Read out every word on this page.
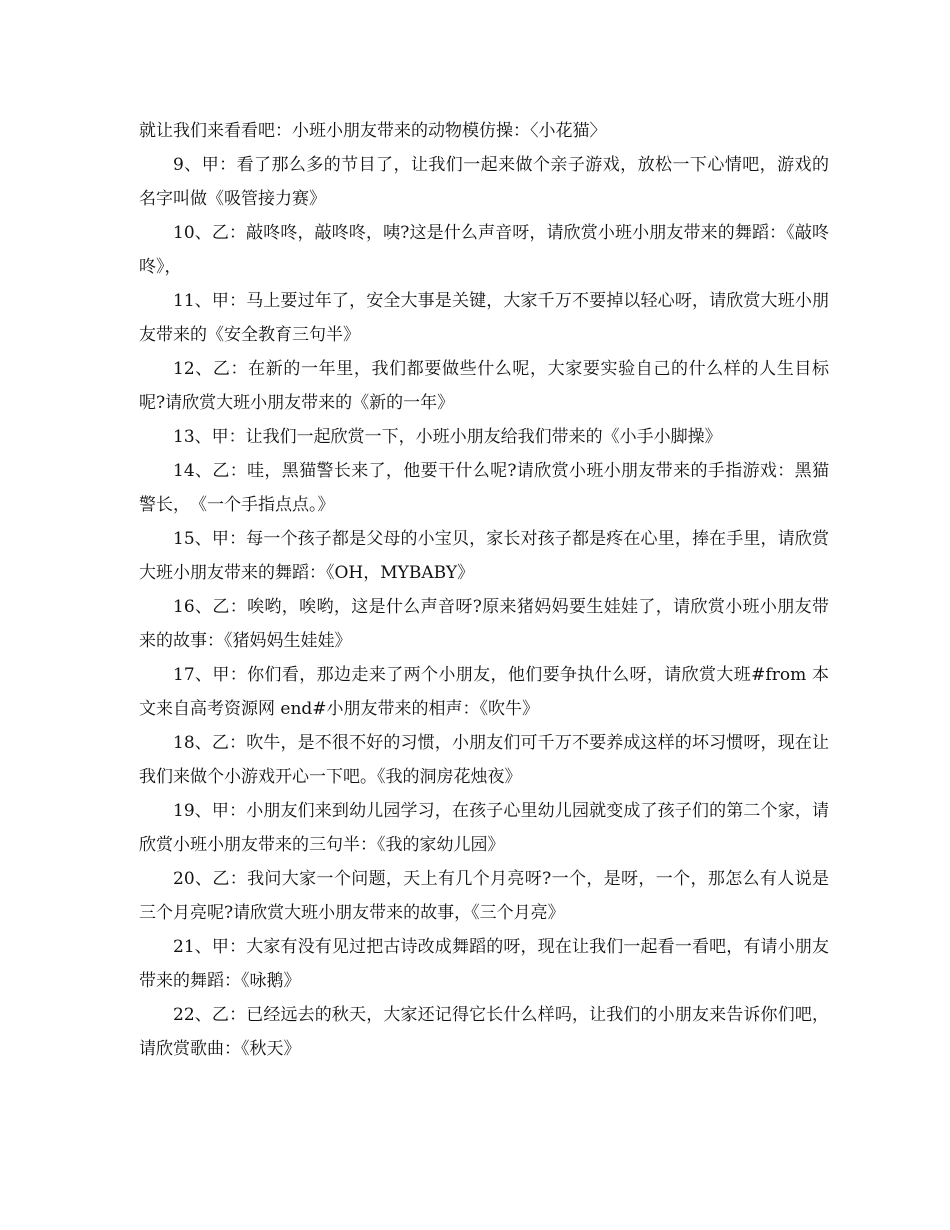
就让我们来看看吧：小班小朋友带来的动物模仿操：〈小花猫〉

9、甲：看了那么多的节目了，让我们一起来做个亲子游戏，放松一下心情吧，游戏的名字叫做《吸管接力赛》

10、乙：敲咚咚，敲咚咚，咦?这是什么声音呀，请欣赏小班小朋友带来的舞蹈：《敲咚咚》，

11、甲：马上要过年了，安全大事是关键，大家千万不要掉以轻心呀，请欣赏大班小朋友带来的《安全教育三句半》

12、乙：在新的一年里，我们都要做些什么呢，大家要实验自己的什么样的人生目标呢?请欣赏大班小朋友带来的《新的一年》

13、甲：让我们一起欣赏一下，小班小朋友给我们带来的《小手小脚操》

14、乙：哇，黑猫警长来了，他要干什么呢?请欣赏小班小朋友带来的手指游戏：黑猫警长，　《一个手指点点。》

15、甲：每一个孩子都是父母的小宝贝，家长对孩子都是疼在心里，捧在手里，请欣赏大班小朋友带来的舞蹈：《OH，MYBABY》

16、乙：唉哟，唉哟，这是什么声音呀?原来猪妈妈要生娃娃了，请欣赏小班小朋友带来的故事：《猪妈妈生娃娃》

17、甲：你们看，那边走来了两个小朋友，他们要争执什么呀，请欣赏大班#from 本文来自高考资源网 end#小朋友带来的相声：《吹牛》

18、乙：吹牛，是不很不好的习惯，小朋友们可千万不要养成这样的坏习惯呀，现在让我们来做个小游戏开心一下吧。《我的洞房花烛夜》

19、甲：小朋友们来到幼儿园学习，在孩子心里幼儿园就变成了孩子们的第二个家，请欣赏小班小朋友带来的三句半：《我的家幼儿园》

20、乙：我问大家一个问题，天上有几个月亮呀?一个，是呀，一个，那怎么有人说是三个月亮呢?请欣赏大班小朋友带来的故事，《三个月亮》

21、甲：大家有没有见过把古诗改成舞蹈的呀，现在让我们一起看一看吧，有请小朋友带来的舞蹈：《咏鹅》

22、乙：已经远去的秋天，大家还记得它长什么样吗，让我们的小朋友来告诉你们吧，请欣赏歌曲：《秋天》
